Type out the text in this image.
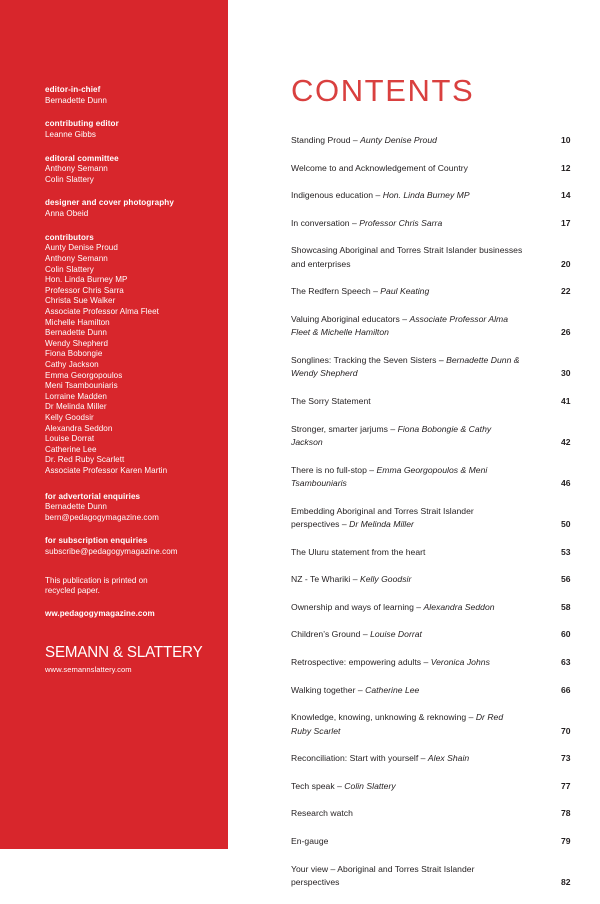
editor-in-chief

Bernadette Dunn

contributing editor

Leanne Gibbs

editoral committee

Anthony Semann

Colin Slattery

designer and cover photography

Anna Obeid

contributors

Aunty Denise Proud
Anthony Semann
Colin Slattery
Hon. Linda Burney MP
Professor Chris Sarra
Christa Sue Walker
Associate Professor Alma Fleet
Michelle Hamilton
Bernadette Dunn
Wendy Shepherd
Fiona Bobongie
Cathy Jackson
Emma Georgopoulos
Meni Tsambouniaris
Lorraine Madden
Dr Melinda Miller
Kelly Goodsir
Alexandra Seddon
Louise Dorrat
Catherine Lee
Dr. Red Ruby Scarlett
Associate Professor Karen Martin

for advertorial enquiries

Bernadette Dunn

bern@pedagogymagazine.com

for subscription enquiries

subscribe@pedagogymagazine.com

This publication is printed on

recycled paper.

ww.pedagogymagazine.com

SEMANN & SLATTERY

www.semannslattery.com

CONTENTS
Standing Proud – Aunty Denise Proud	10
Welcome to and Acknowledgement of Country	12
Indigenous education – Hon. Linda Burney MP	14
In conversation – Professor Chris Sarra	17
Showcasing Aboriginal and Torres Strait Islander businesses and enterprises	20
The Redfern Speech – Paul Keating	22
Valuing Aboriginal educators – Associate Professor Alma Fleet & Michelle Hamilton	26
Songlines: Tracking the Seven Sisters – Bernadette Dunn & Wendy Shepherd	30
The Sorry Statement	41
Stronger, smarter jarjums – Fiona Bobongie & Cathy Jackson	42
There is no full-stop – Emma Georgopoulos & Meni Tsambouniaris	46
Embedding Aboriginal and Torres Strait Islander perspectives – Dr Melinda Miller	50
The Uluru statement from the heart	53
NZ - Te Whariki – Kelly Goodsir	56
Ownership and ways of learning – Alexandra Seddon	58
Children’s Ground – Louise Dorrat	60
Retrospective: empowering adults – Veronica Johns	63
Walking together – Catherine Lee	66
Knowledge, knowing, unknowing & reknowing – Dr Red Ruby Scarlet	70
Reconciliation: Start with yourself – Alex Shain	73
Tech speak – Colin Slattery	77
Research watch	78
En-gauge	79
Your view – Aboriginal and Torres Strait Islander perspectives	82
